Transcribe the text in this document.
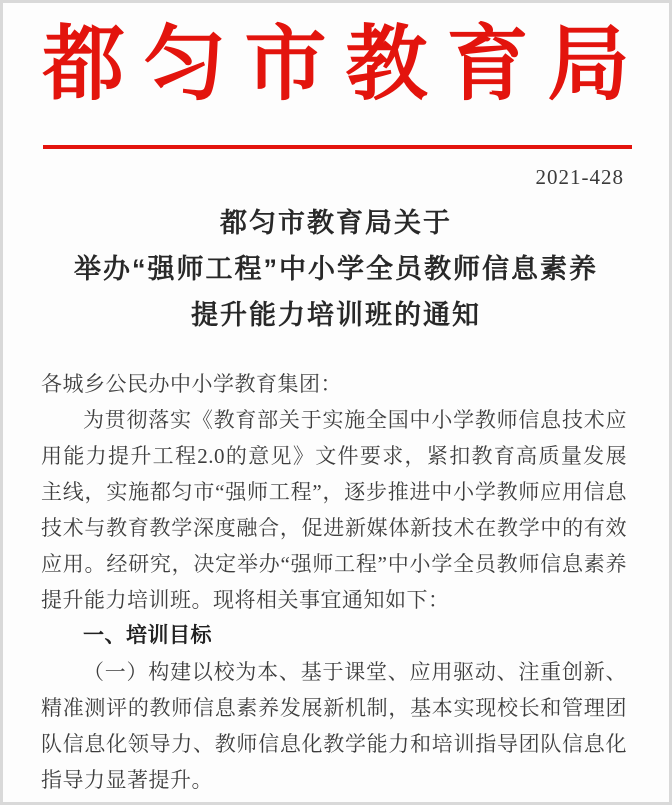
都匀市教育局
2021-428
都匀市教育局关于
举办“强师工程”中小学全员教师信息素养
提升能力培训班的通知

各城乡公民办中小学教育集团：

为贯彻落实《教育部关于实施全国中小学教师信息技术应用能力提升工程2.0的意见》文件要求，紧扣教育高质量发展主线，实施都匀市“强师工程”，逐步推进中小学教师应用信息技术与教育教学深度融合，促进新媒体新技术在教学中的有效应用。经研究，决定举办“强师工程”中小学全员教师信息素养提升能力培训班。现将相关事宜通知如下：

一、培训目标

（一）构建以校为本、基于课堂、应用驱动、注重创新、精准测评的教师信息素养发展新机制，基本实现校长和管理团队信息化领导力、教师信息化教学能力和培训指导团队信息化指导力显著提升。
